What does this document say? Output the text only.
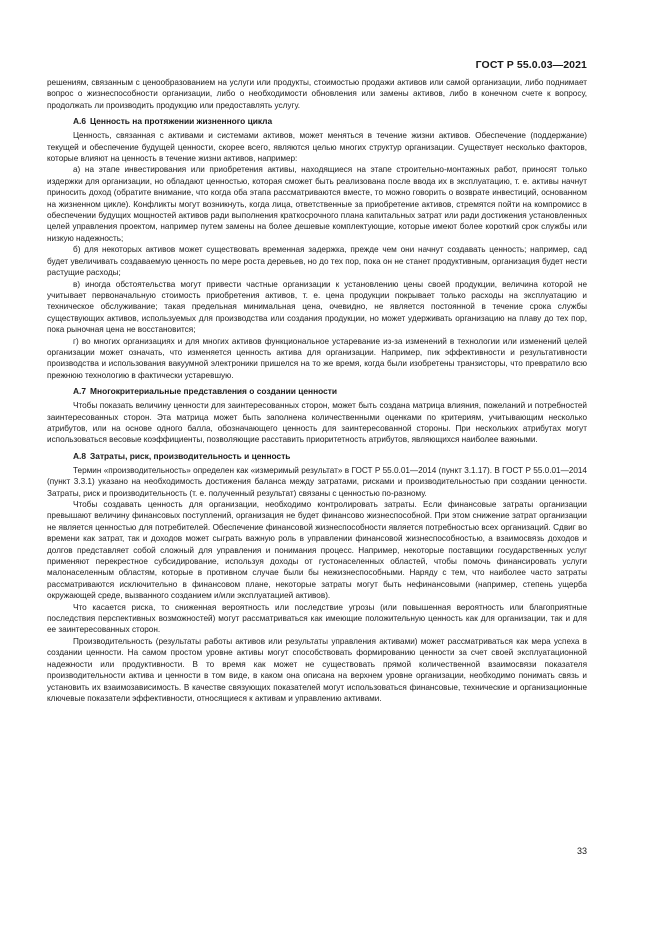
ГОСТ Р 55.0.03—2021

решениям, связанным с ценообразованием на услуги или продукты, стоимостью продажи активов или самой организации, либо поднимает вопрос о жизнеспособности организации, либо о необходимости обновления или замены активов, либо в конечном счете к вопросу, продолжать ли производить продукцию или предоставлять услугу.

A.6 Ценность на протяжении жизненного цикла

Ценность, связанная с активами и системами активов, может меняться в течение жизни активов. Обеспечение (поддержание) текущей и обеспечение будущей ценности, скорее всего, являются целью многих структур организации. Существует несколько факторов, которые влияют на ценность в течение жизни активов, например:

а) на этапе инвестирования или приобретения активы, находящиеся на этапе строительно-монтажных работ, приносят только издержки для организации, но обладают ценностью, которая сможет быть реализована после ввода их в эксплуатацию, т. е. активы начнут приносить доход (обратите внимание, что когда оба этапа рассматриваются вместе, то можно говорить о возврате инвестиций, основанном на жизненном цикле). Конфликты могут возникнуть, когда лица, ответственные за приобретение активов, стремятся пойти на компромисс в обеспечении будущих мощностей активов ради выполнения краткосрочного плана капитальных затрат или ради достижения установленных целей управления проектом, например путем замены на более дешевые комплектующие, которые имеют более короткий срок службы или низкую надежность;

б) для некоторых активов может существовать временная задержка, прежде чем они начнут создавать ценность; например, сад будет увеличивать создаваемую ценность по мере роста деревьев, но до тех пор, пока он не станет продуктивным, организация будет нести растущие расходы;

в) иногда обстоятельства могут привести частные организации к установлению цены своей продукции, величина которой не учитывает первоначальную стоимость приобретения активов, т. е. цена продукции покрывает только расходы на эксплуатацию и техническое обслуживание; такая предельная минимальная цена, очевидно, не является постоянной в течение срока службы существующих активов, используемых для производства или создания продукции, но может удерживать организацию на плаву до тех пор, пока рыночная цена не восстановится;

г) во многих организациях и для многих активов функциональное устаревание из-за изменений в технологии или изменений целей организации может означать, что изменяется ценность актива для организации. Например, пик эффективности и результативности производства и использования вакуумной электроники пришелся на то же время, когда были изобретены транзисторы, что превратило всю прежнюю технологию в фактически устаревшую.

A.7 Многокритериальные представления о создании ценности

Чтобы показать величину ценности для заинтересованных сторон, может быть создана матрица влияния, пожеланий и потребностей заинтересованных сторон. Эта матрица может быть заполнена количественными оценками по критериям, учитывающим несколько атрибутов, или на основе одного балла, обозначающего ценность для заинтересованной стороны. При нескольких атрибутах могут использоваться весовые коэффициенты, позволяющие расставить приоритетность атрибутов, являющихся наиболее важными.

A.8 Затраты, риск, производительность и ценность

Термин «производительность» определен как «измеримый результат» в ГОСТ Р 55.0.01—2014 (пункт 3.1.17). В ГОСТ Р 55.0.01—2014 (пункт 3.3.1) указано на необходимость достижения баланса между затратами, рисками и производительностью при создании ценности. Затраты, риск и производительность (т. е. полученный результат) связаны с ценностью по-разному.

Чтобы создавать ценность для организации, необходимо контролировать затраты. Если финансовые затраты организации превышают величину финансовых поступлений, организация не будет финансово жизнеспособной. При этом снижение затрат организации не является ценностью для потребителей. Обеспечение финансовой жизнеспособности является потребностью всех организаций. Сдвиг во времени как затрат, так и доходов может сыграть важную роль в управлении финансовой жизнеспособностью, а взаимосвязь доходов и долгов представляет собой сложный для управления и понимания процесс. Например, некоторые поставщики государственных услуг применяют перекрестное субсидирование, используя доходы от густонаселенных областей, чтобы помочь финансировать услуги малонаселенным областям, которые в противном случае были бы нежизнеспособными. Наряду с тем, что наиболее часто затраты рассматриваются исключительно в финансовом плане, некоторые затраты могут быть нефинансовыми (например, степень ущерба окружающей среде, вызванного созданием и/или эксплуатацией активов).

Что касается риска, то сниженная вероятность или последствие угрозы (или повышенная вероятность или благоприятные последствия перспективных возможностей) могут рассматриваться как имеющие положительную ценность как для организации, так и для ее заинтересованных сторон.

Производительность (результаты работы активов или результаты управления активами) может рассматриваться как мера успеха в создании ценности. На самом простом уровне активы могут способствовать формированию ценности за счет своей эксплуатационной надежности или продуктивности. В то время как может не существовать прямой количественной взаимосвязи показателя производительности актива и ценности в том виде, в каком она описана на верхнем уровне организации, необходимо понимать связь и установить их взаимозависимость. В качестве связующих показателей могут использоваться финансовые, технические и организационные ключевые показатели эффективности, относящиеся к активам и управлению активами.

33
